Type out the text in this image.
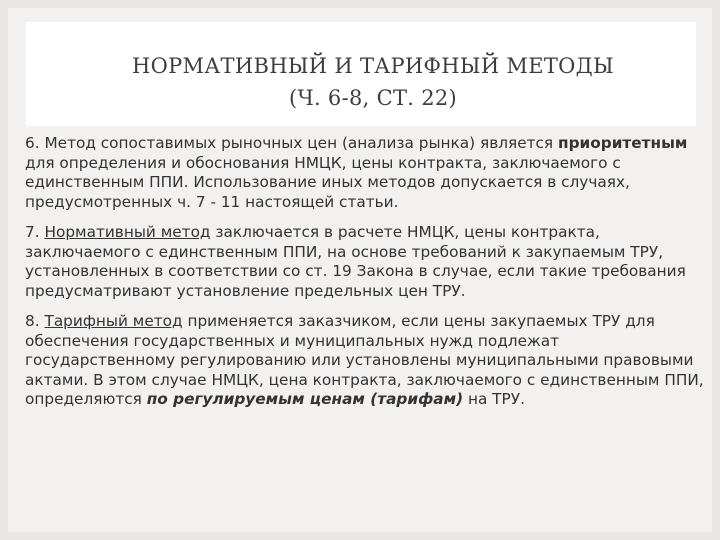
НОРМАТИВНЫЙ И ТАРИФНЫЙ МЕТОДЫ
(Ч. 6-8, СТ. 22)

6. Метод сопоставимых рыночных цен (анализа рынка) является приоритетным для определения и обоснования НМЦК, цены контракта, заключаемого с единственным ППИ. Использование иных методов допускается в случаях, предусмотренных ч. 7 - 11 настоящей статьи.

7. Нормативный метод заключается в расчете НМЦК, цены контракта, заключаемого с единственным ППИ, на основе требований к закупаемым ТРУ, установленных в соответствии со ст. 19 Закона в случае, если такие требования предусматривают установление предельных цен ТРУ.

8. Тарифный метод применяется заказчиком, если цены закупаемых ТРУ для обеспечения государственных и муниципальных нужд подлежат государственному регулированию или установлены муниципальными правовыми актами. В этом случае НМЦК, цена контракта, заключаемого с единственным ППИ, определяются по регулируемым ценам (тарифам) на ТРУ.
